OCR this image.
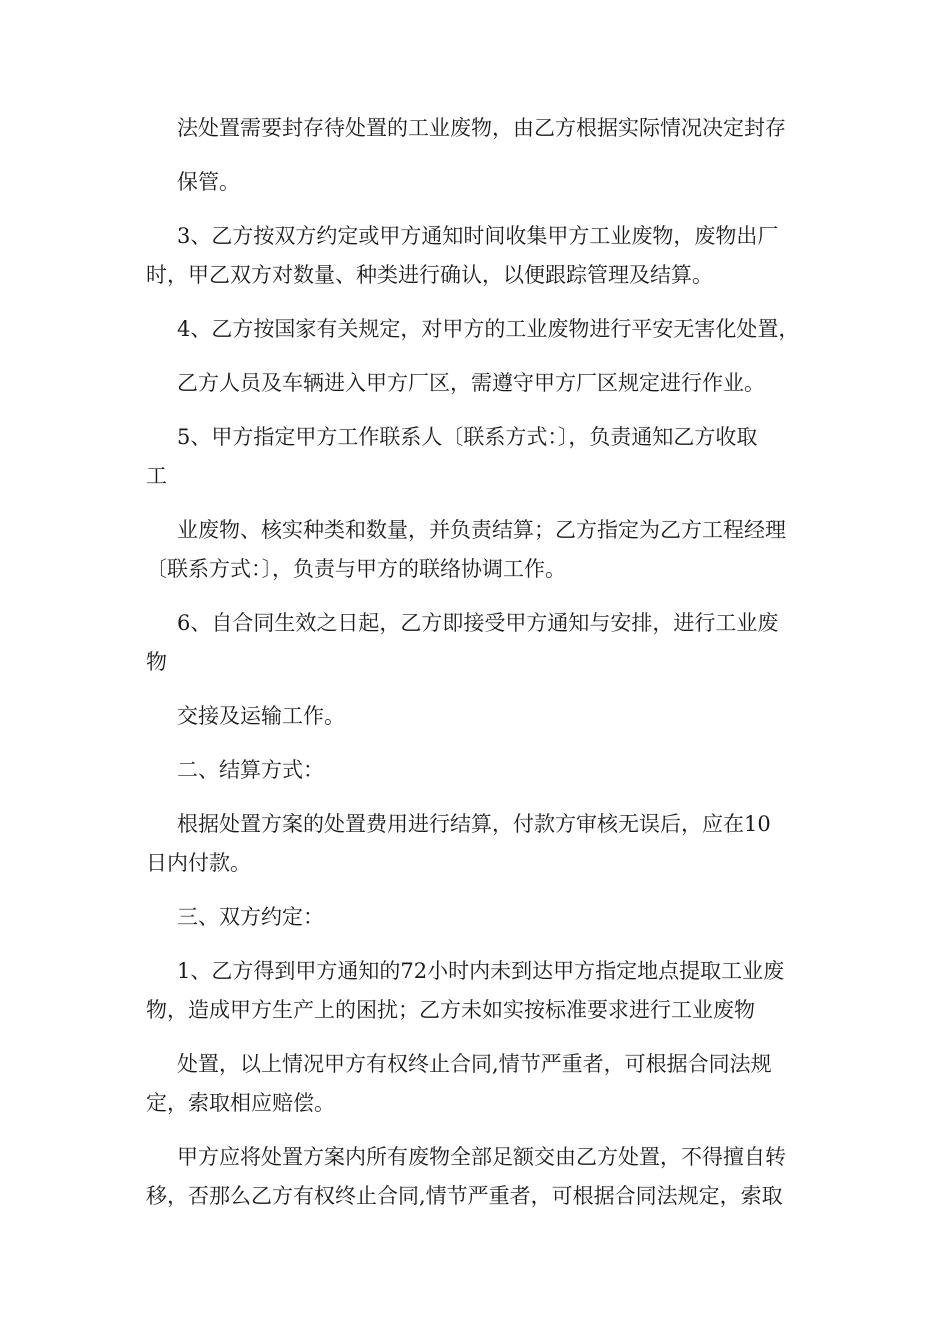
法处置需要封存待处置的工业废物，由乙方根据实际情况决定封存
保管。
3、乙方按双方约定或甲方通知时间收集甲方工业废物，废物出厂
时，甲乙双方对数量、种类进行确认，以便跟踪管理及结算。
4、乙方按国家有关规定，对甲方的工业废物进行平安无害化处置，
乙方人员及车辆进入甲方厂区，需遵守甲方厂区规定进行作业。
5、甲方指定甲方工作联系人〔联系方式：〕，负责通知乙方收取
工
业废物、核实种类和数量，并负责结算；乙方指定为乙方工程经理
〔联系方式：〕，负责与甲方的联络协调工作。
6、自合同生效之日起，乙方即接受甲方通知与安排，进行工业废
物
交接及运输工作。
二、结算方式：
根据处置方案的处置费用进行结算，付款方审核无误后，应在10
日内付款。
三、双方约定：
1、乙方得到甲方通知的72小时内未到达甲方指定地点提取工业废
物，造成甲方生产上的困扰；乙方未如实按标准要求进行工业废物
处置，以上情况甲方有权终止合同,情节严重者，可根据合同法规
定，索取相应赔偿。
甲方应将处置方案内所有废物全部足额交由乙方处置，不得擅自转
移，否那么乙方有权终止合同,情节严重者，可根据合同法规定，索取
